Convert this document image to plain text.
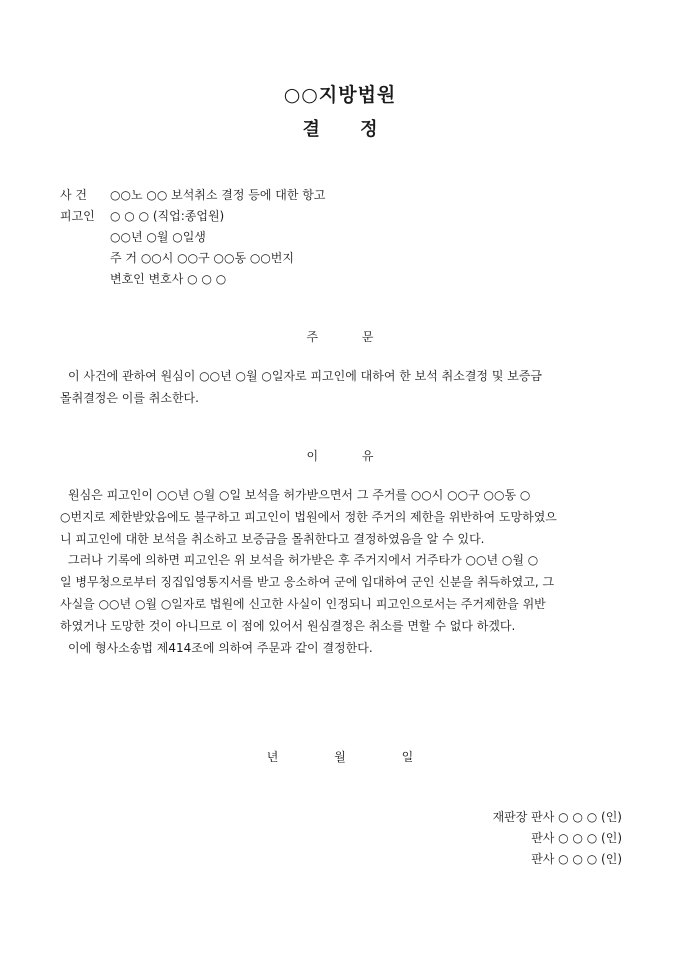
○○지방법원
결 정
사 건 ○○노 ○○ 보석취소 결정 등에 대한 항고
피고인 ○ ○ ○ (직업:종업원)
○○년 ○월 ○일생
주 거 ○○시 ○○구 ○○동 ○○번지
변호인 변호사 ○ ○ ○
주 문

이 사건에 관하여 원심이 ○○년 ○월 ○일자로 피고인에 대하여 한 보석 취소결정 및 보증금

몰취결정은 이를 취소한다.

이 유

원심은 피고인이 ○○년 ○월 ○일 보석을 허가받으면서 그 주거를 ○○시 ○○구 ○○동 ○

○번지로 제한받았음에도 불구하고 피고인이 법원에서 정한 주거의 제한을 위반하여 도망하였으

니 피고인에 대한 보석을 취소하고 보증금을 몰취한다고 결정하였음을 알 수 있다.

그러나 기록에 의하면 피고인은 위 보석을 허가받은 후 주거지에서 거주타가 ○○년 ○월 ○

일 병무청으로부터 징집입영통지서를 받고 응소하여 군에 입대하여 군인 신분을 취득하였고, 그

사실을 ○○년 ○월 ○일자로 법원에 신고한 사실이 인정되니 피고인으로서는 주거제한을 위반

하였거나 도망한 것이 아니므로 이 점에 있어서 원심결정은 취소를 면할 수 없다 하겠다.

이에 형사소송법 제414조에 의하여 주문과 같이 결정한다.

년 월 일
재판장 판사 ○ ○ ○ (인)
판사 ○ ○ ○ (인)
판사 ○ ○ ○ (인)
